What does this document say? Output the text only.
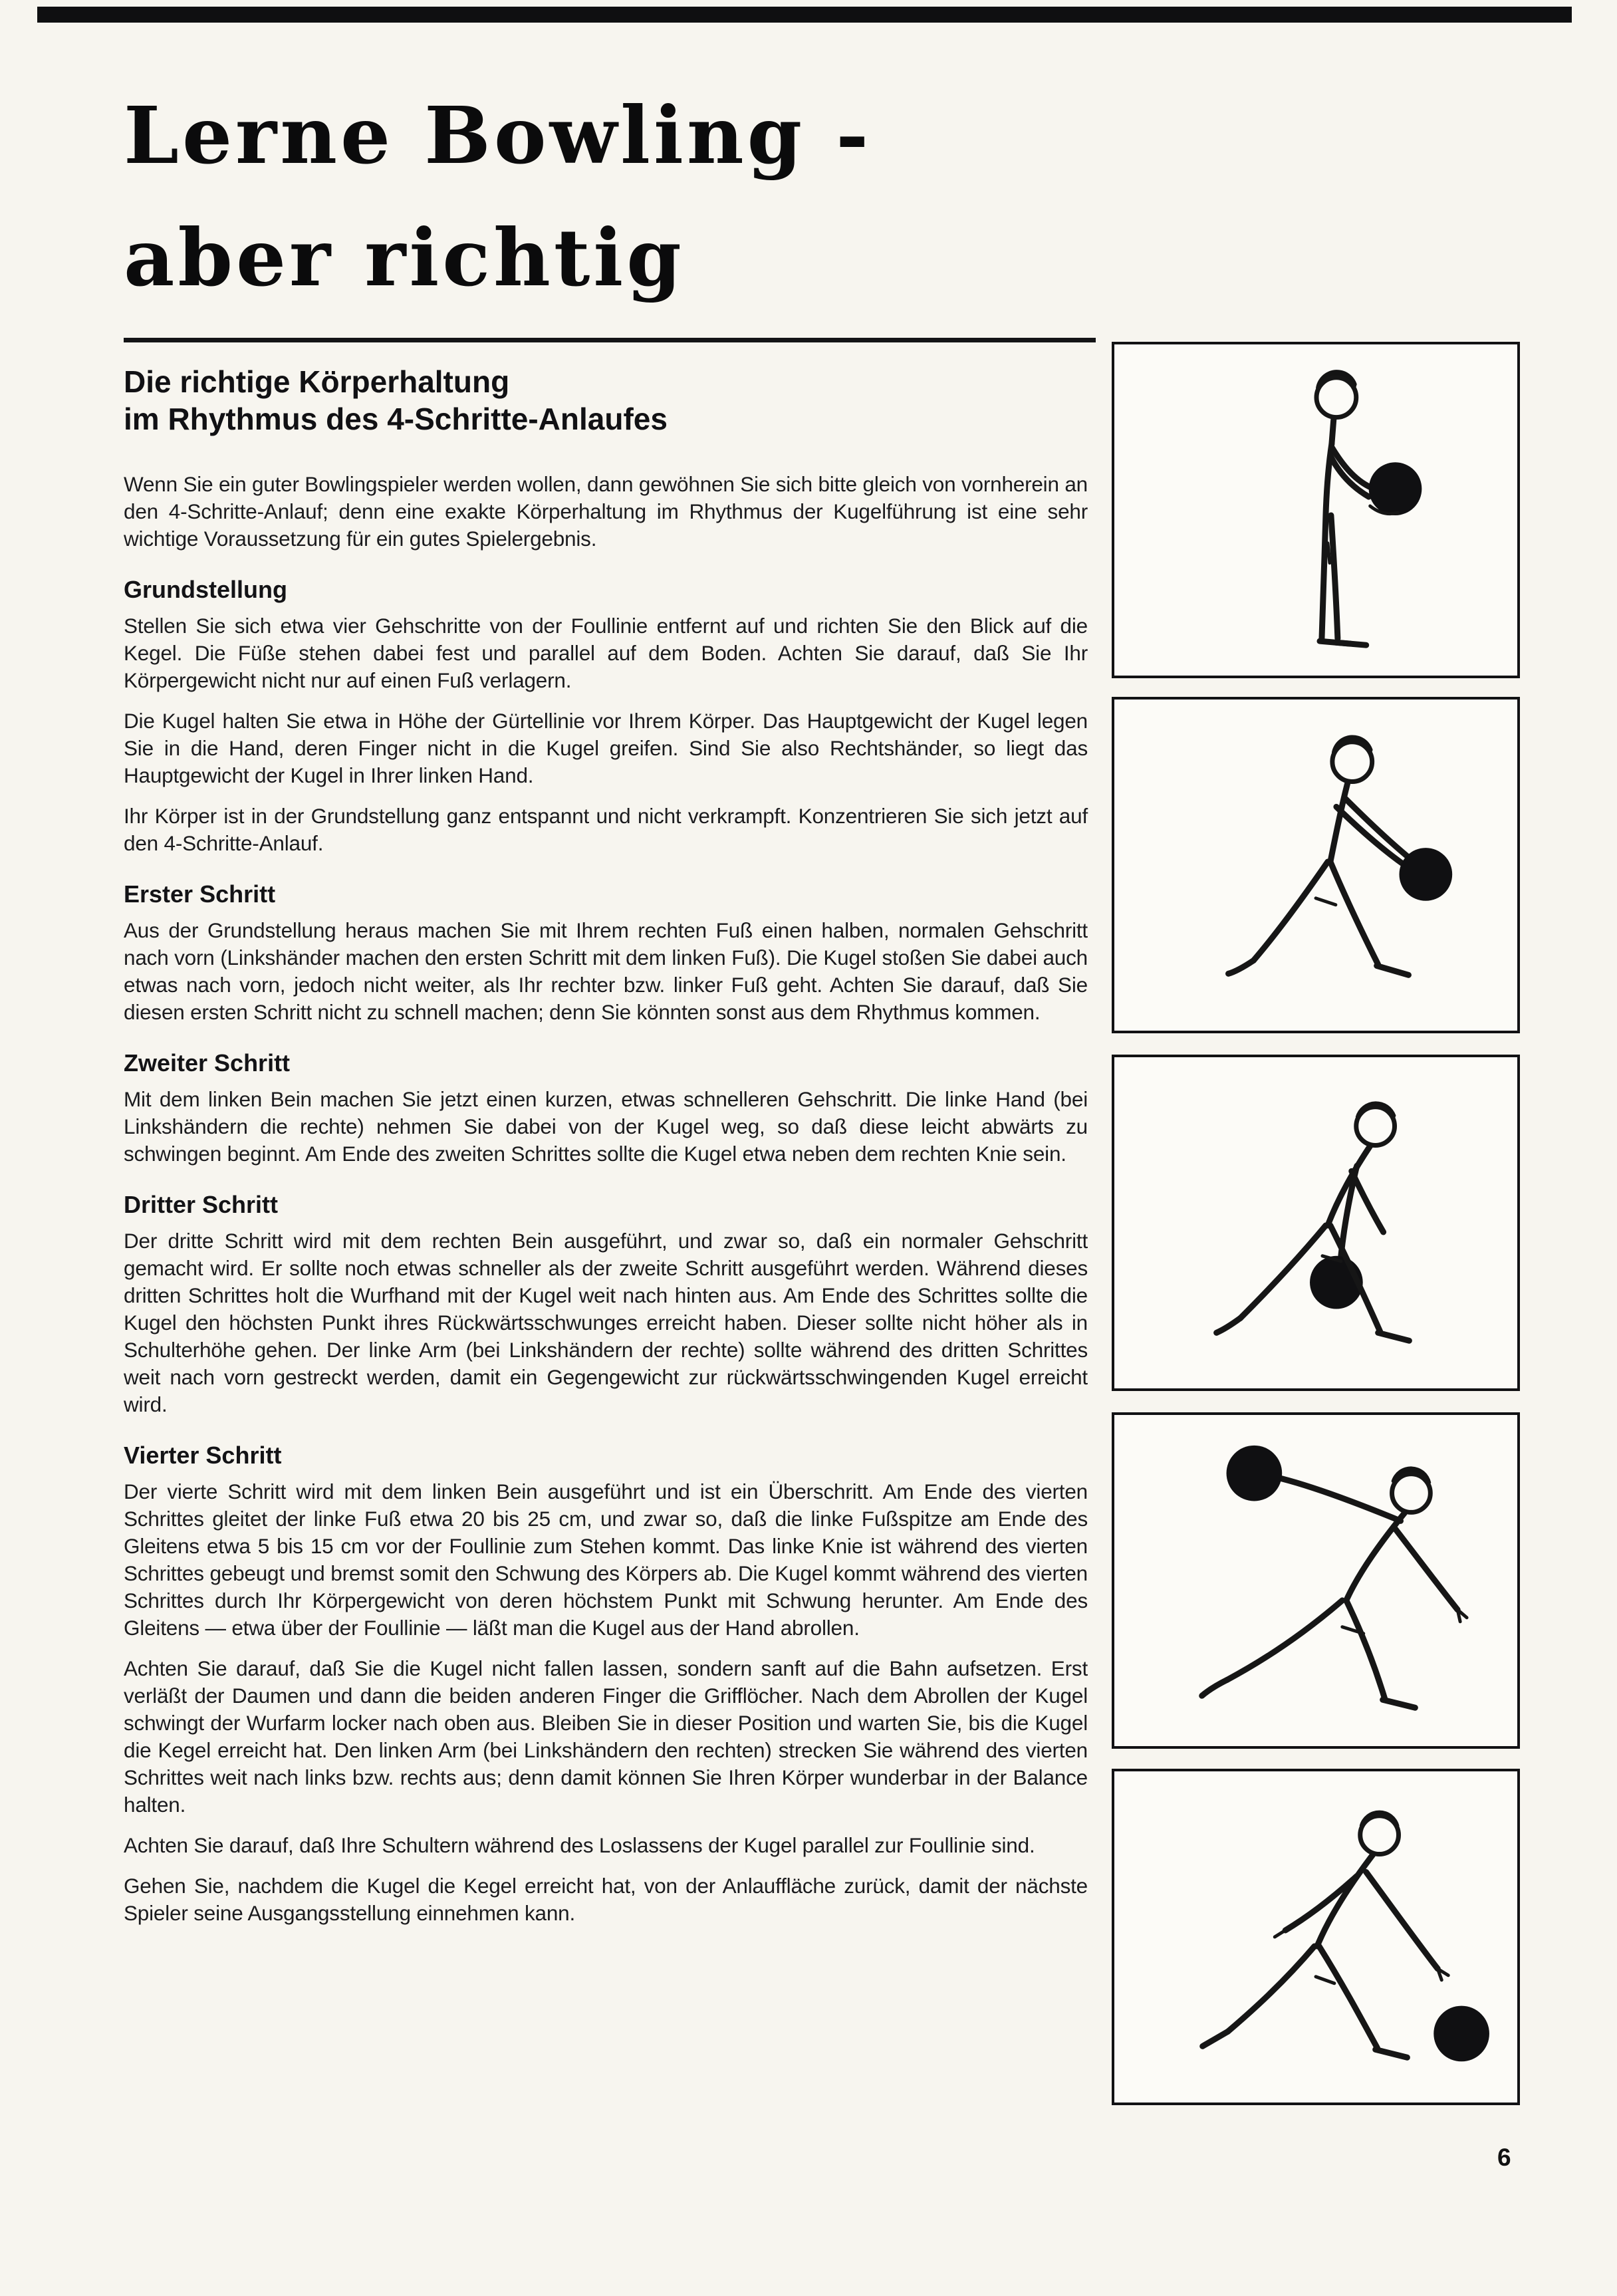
Lerne Bowling -
aber richtig
Die richtige Körperhaltung
im Rhythmus des 4-Schritte-Anlaufes

Wenn Sie ein guter Bowlingspieler werden wollen, dann gewöhnen Sie sich bitte gleich von vornherein an den 4-Schritte-Anlauf; denn eine exakte Körperhaltung im Rhythmus der Kugelführung ist eine sehr wichtige Voraussetzung für ein gutes Spielergebnis.

Grundstellung

Stellen Sie sich etwa vier Gehschritte von der Foullinie entfernt auf und richten Sie den Blick auf die Kegel. Die Füße stehen dabei fest und parallel auf dem Boden. Achten Sie darauf, daß Sie Ihr Körpergewicht nicht nur auf einen Fuß verlagern.

Die Kugel halten Sie etwa in Höhe der Gürtellinie vor Ihrem Körper. Das Hauptgewicht der Kugel legen Sie in die Hand, deren Finger nicht in die Kugel greifen. Sind Sie also Rechtshänder, so liegt das Hauptgewicht der Kugel in Ihrer linken Hand.

Ihr Körper ist in der Grundstellung ganz entspannt und nicht verkrampft. Konzentrieren Sie sich jetzt auf den 4-Schritte-Anlauf.

Erster Schritt

Aus der Grundstellung heraus machen Sie mit Ihrem rechten Fuß einen halben, normalen Gehschritt nach vorn (Linkshänder machen den ersten Schritt mit dem linken Fuß). Die Kugel stoßen Sie dabei auch etwas nach vorn, jedoch nicht weiter, als Ihr rechter bzw. linker Fuß geht. Achten Sie darauf, daß Sie diesen ersten Schritt nicht zu schnell machen; denn Sie könnten sonst aus dem Rhythmus kommen.

Zweiter Schritt

Mit dem linken Bein machen Sie jetzt einen kurzen, etwas schnelleren Gehschritt. Die linke Hand (bei Linkshändern die rechte) nehmen Sie dabei von der Kugel weg, so daß diese leicht abwärts zu schwingen beginnt. Am Ende des zweiten Schrittes sollte die Kugel etwa neben dem rechten Knie sein.

Dritter Schritt

Der dritte Schritt wird mit dem rechten Bein ausgeführt, und zwar so, daß ein normaler Gehschritt gemacht wird. Er sollte noch etwas schneller als der zweite Schritt ausgeführt werden. Während dieses dritten Schrittes holt die Wurfhand mit der Kugel weit nach hinten aus. Am Ende des Schrittes sollte die Kugel den höchsten Punkt ihres Rückwärtsschwunges erreicht haben. Dieser sollte nicht höher als in Schulterhöhe gehen. Der linke Arm (bei Linkshändern der rechte) sollte während des dritten Schrittes weit nach vorn gestreckt werden, damit ein Gegengewicht zur rückwärtsschwingenden Kugel erreicht wird.

Vierter Schritt

Der vierte Schritt wird mit dem linken Bein ausgeführt und ist ein Überschritt. Am Ende des vierten Schrittes gleitet der linke Fuß etwa 20 bis 25 cm, und zwar so, daß die linke Fußspitze am Ende des Gleitens etwa 5 bis 15 cm vor der Foullinie zum Stehen kommt. Das linke Knie ist während des vierten Schrittes gebeugt und bremst somit den Schwung des Körpers ab. Die Kugel kommt während des vierten Schrittes durch Ihr Körpergewicht von deren höchstem Punkt mit Schwung herunter. Am Ende des Gleitens — etwa über der Foullinie — läßt man die Kugel aus der Hand abrollen.

Achten Sie darauf, daß Sie die Kugel nicht fallen lassen, sondern sanft auf die Bahn aufsetzen. Erst verläßt der Daumen und dann die beiden anderen Finger die Grifflöcher. Nach dem Abrollen der Kugel schwingt der Wurfarm locker nach oben aus. Bleiben Sie in dieser Position und warten Sie, bis die Kugel die Kegel erreicht hat. Den linken Arm (bei Linkshändern den rechten) strecken Sie während des vierten Schrittes weit nach links bzw. rechts aus; denn damit können Sie Ihren Körper wunderbar in der Balance halten.

Achten Sie darauf, daß Ihre Schultern während des Loslassens der Kugel parallel zur Foullinie sind.

Gehen Sie, nachdem die Kugel die Kegel erreicht hat, von der Anlauffläche zurück, damit der nächste Spieler seine Ausgangsstellung einnehmen kann.

6
